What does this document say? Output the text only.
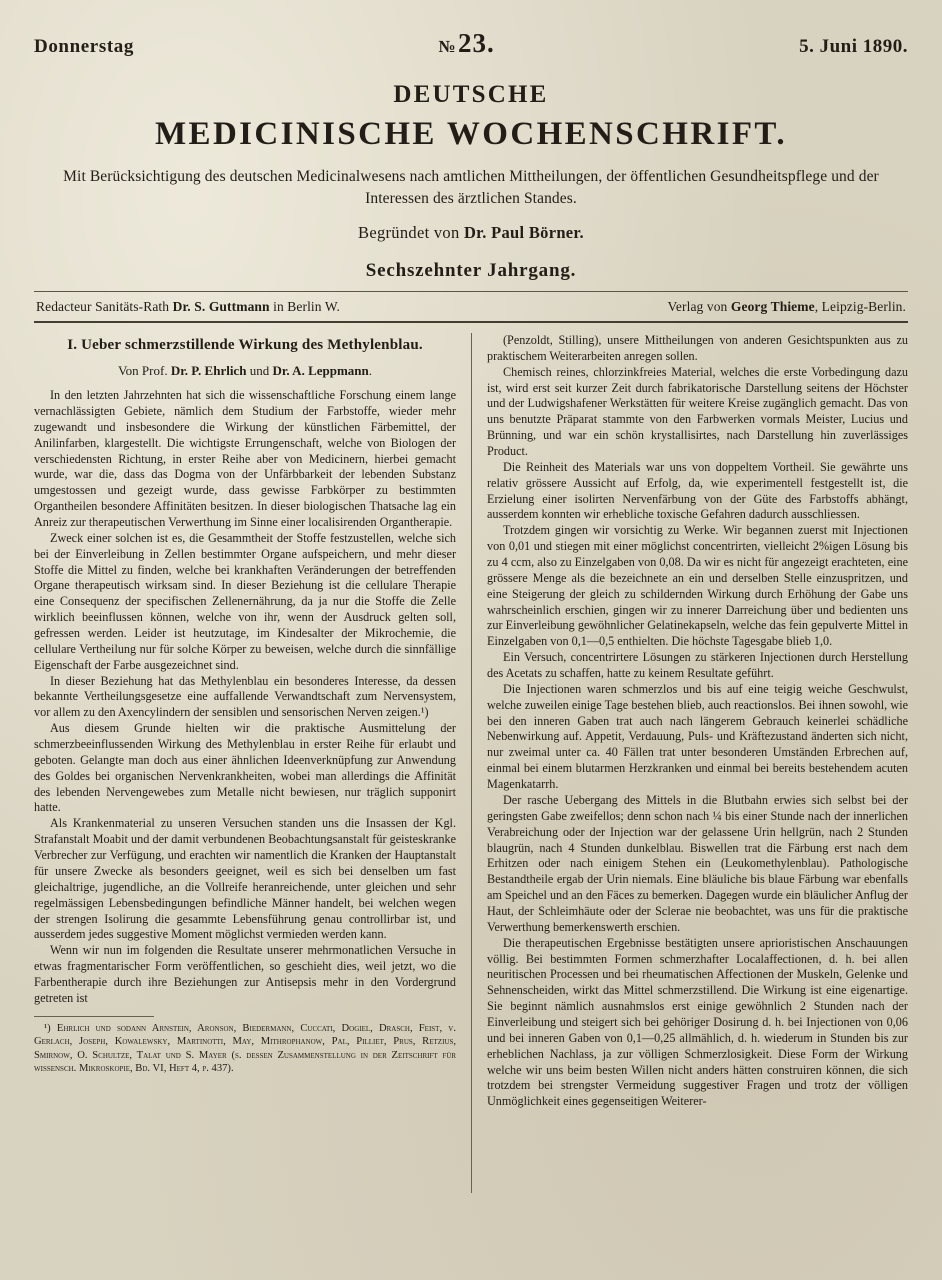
Donnerstag	№23.	5. Juni 1890.
DEUTSCHE
MEDICINISCHE WOCHENSCHRIFT.
Mit Berücksichtigung des deutschen Medicinalwesens nach amtlichen Mittheilungen, der öffentlichen Gesundheitspflege und der Interessen des ärztlichen Standes.
Begründet von Dr. Paul Börner.
Sechszehnter Jahrgang.
Redacteur Sanitäts-Rath Dr. S. Guttmann in Berlin W.	Verlag von Georg Thieme, Leipzig-Berlin.
I. Ueber schmerzstillende Wirkung des Methylenblau.
Von Prof. Dr. P. Ehrlich und Dr. A. Leppmann.

In den letzten Jahrzehnten hat sich die wissenschaftliche Forschung einem lange vernachlässigten Gebiete, nämlich dem Studium der Farbstoffe, wieder mehr zugewandt und insbesondere die Wirkung der künstlichen Färbemittel, der Anilinfarben, klargestellt. Die wichtigste Errungenschaft, welche von Biologen der verschiedensten Richtung, in erster Reihe aber von Medicinern, hierbei gemacht wurde, war die, dass das Dogma von der Unfärbbarkeit der lebenden Substanz umgestossen und gezeigt wurde, dass gewisse Farbkörper zu bestimmten Organtheilen besondere Affinitäten besitzen. In dieser biologischen Thatsache lag ein Anreiz zur therapeutischen Verwerthung im Sinne einer localisirenden Organtherapie.

Zweck einer solchen ist es, die Gesammtheit der Stoffe festzustellen, welche sich bei der Einverleibung in Zellen bestimmter Organe aufspeichern, und mehr dieser Stoffe die Mittel zu finden, welche bei krankhaften Veränderungen der betreffenden Organe therapeutisch wirksam sind. In dieser Beziehung ist die cellulare Therapie eine Consequenz der specifischen Zellenernährung, da ja nur die Stoffe die Zelle wirklich beeinflussen können, welche von ihr, wenn der Ausdruck gelten soll, gefressen werden. Leider ist heutzutage, im Kindesalter der Mikrochemie, die cellulare Vertheilung nur für solche Körper zu beweisen, welche durch die sinnfällige Eigenschaft der Farbe ausgezeichnet sind.

In dieser Beziehung hat das Methylenblau ein besonderes Interesse, da dessen bekannte Vertheilungsgesetze eine auffallende Verwandtschaft zum Nervensystem, vor allem zu den Axencylindern der sensiblen und sensorischen Nerven zeigen.¹)

Aus diesem Grunde hielten wir die praktische Ausmittelung der schmerzbeeinflussenden Wirkung des Methylenblau in erster Reihe für erlaubt und geboten. Gelangte man doch aus einer ähnlichen Ideenverknüpfung zur Anwendung des Goldes bei organischen Nervenkrankheiten, wobei man allerdings die Affinität des lebenden Nervengewebes zum Metalle nicht bewiesen, nur träglich supponirt hatte.

Als Krankenmaterial zu unseren Versuchen standen uns die Insassen der Kgl. Strafanstalt Moabit und der damit verbundenen Beobachtungsanstalt für geisteskranke Verbrecher zur Verfügung, und erachten wir namentlich die Kranken der Hauptanstalt für unsere Zwecke als besonders geeignet, weil es sich bei denselben um fast gleichaltrige, jugendliche, an die Vollreife heranreichende, unter gleichen und sehr regelmässigen Lebensbedingungen befindliche Männer handelt, bei welchen wegen der strengen Isolirung die gesammte Lebensführung genau controllirbar ist, und ausserdem jedes suggestive Moment möglichst vermieden werden kann.

Wenn wir nun im folgenden die Resultate unserer mehrmonatlichen Versuche in etwas fragmentarischer Form veröffentlichen, so geschieht dies, weil jetzt, wo die Farbentherapie durch ihre Beziehungen zur Antisepsis mehr in den Vordergrund getreten ist

¹) Ehrlich und sodann Arnstein, Aronson, Biedermann, Cuccati, Dogiel, Drasch, Feist, v. Gerlach, Joseph, Kowalewsky, Martinotti, May, Mithrophanow, Pal, Pilliet, Prus, Retzius, Smirnow, O. Schultze, Talat und S. Mayer (s. dessen Zusammenstellung in der Zeitschrift für wissensch. Mikroskopie, Bd. VI, Heft 4, p. 437).

(Penzoldt, Stilling), unsere Mittheilungen von anderen Gesichtspunkten aus zu praktischem Weiterarbeiten anregen sollen.

Chemisch reines, chlorzinkfreies Material, welches die erste Vorbedingung dazu ist, wird erst seit kurzer Zeit durch fabrikatorische Darstellung seitens der Höchster und der Ludwigshafener Werkstätten für weitere Kreise zugänglich gemacht. Das von uns benutzte Präparat stammte von den Farbwerken vormals Meister, Lucius und Brünning, und war ein schön krystallisirtes, nach Darstellung hin zuverlässiges Product.

Die Reinheit des Materials war uns von doppeltem Vortheil. Sie gewährte uns relativ grössere Aussicht auf Erfolg, da, wie experimentell festgestellt ist, die Erzielung einer isolirten Nervenfärbung von der Güte des Farbstoffs abhängt, ausserdem konnten wir erhebliche toxische Gefahren dadurch ausschliessen.

Trotzdem gingen wir vorsichtig zu Werke. Wir begannen zuerst mit Injectionen von 0,01 und stiegen mit einer möglichst concentrirten, vielleicht 2%igen Lösung bis zu 4 ccm, also zu Einzelgaben von 0,08. Da wir es nicht für angezeigt erachteten, eine grössere Menge als die bezeichnete an ein und derselben Stelle einzuspritzen, und eine Steigerung der gleich zu schildernden Wirkung durch Erhöhung der Gabe uns wahrscheinlich erschien, gingen wir zu innerer Darreichung über und bedienten uns zur Einverleibung gewöhnlicher Gelatinekapseln, welche das fein gepulverte Mittel in Einzelgaben von 0,1—0,5 enthielten. Die höchste Tagesgabe blieb 1,0.

Ein Versuch, concentrirtere Lösungen zu stärkeren Injectionen durch Herstellung des Acetats zu schaffen, hatte zu keinem Resultate geführt.

Die Injectionen waren schmerzlos und bis auf eine teigig weiche Geschwulst, welche zuweilen einige Tage bestehen blieb, auch reactionslos. Bei ihnen sowohl, wie bei den inneren Gaben trat auch nach längerem Gebrauch keinerlei schädliche Nebenwirkung auf. Appetit, Verdauung, Puls- und Kräftezustand änderten sich nicht, nur zweimal unter ca. 40 Fällen trat unter besonderen Umständen Erbrechen auf, einmal bei einem blutarmen Herzkranken und einmal bei bereits bestehendem acuten Magenkatarrh.

Der rasche Uebergang des Mittels in die Blutbahn erwies sich selbst bei der geringsten Gabe zweifellos; denn schon nach ¼ bis einer Stunde nach der innerlichen Verabreichung oder der Injection war der gelassene Urin hellgrün, nach 2 Stunden blaugrün, nach 4 Stunden dunkelblau. Biswellen trat die Färbung erst nach dem Erhitzen oder nach einigem Stehen ein (Leukomethylenblau). Pathologische Bestandtheile ergab der Urin niemals. Eine bläuliche bis blaue Färbung war ebenfalls am Speichel und an den Fäces zu bemerken. Dagegen wurde ein bläulicher Anflug der Haut, der Schleimhäute oder der Sclerae nie beobachtet, was uns für die praktische Verwerthung bemerkenswerth erschien.

Die therapeutischen Ergebnisse bestätigten unsere aprioristischen Anschauungen völlig. Bei bestimmten Formen schmerzhafter Localaffectionen, d. h. bei allen neuritischen Processen und bei rheumatischen Affectionen der Muskeln, Gelenke und Sehnenscheiden, wirkt das Mittel schmerzstillend. Die Wirkung ist eine eigenartige. Sie beginnt nämlich ausnahmslos erst einige gewöhnlich 2 Stunden nach der Einverleibung und steigert sich bei gehöriger Dosirung d. h. bei Injectionen von 0,06 und bei inneren Gaben von 0,1—0,25 allmählich, d. h. wiederum in Stunden bis zur erheblichen Nachlass, ja zur völligen Schmerzlosigkeit. Diese Form der Wirkung welche wir uns beim besten Willen nicht anders hätten construiren können, die sich trotzdem bei strengster Vermeidung suggestiver Fragen und trotz der völligen Unmöglichkeit eines gegenseitigen Weiterer-
